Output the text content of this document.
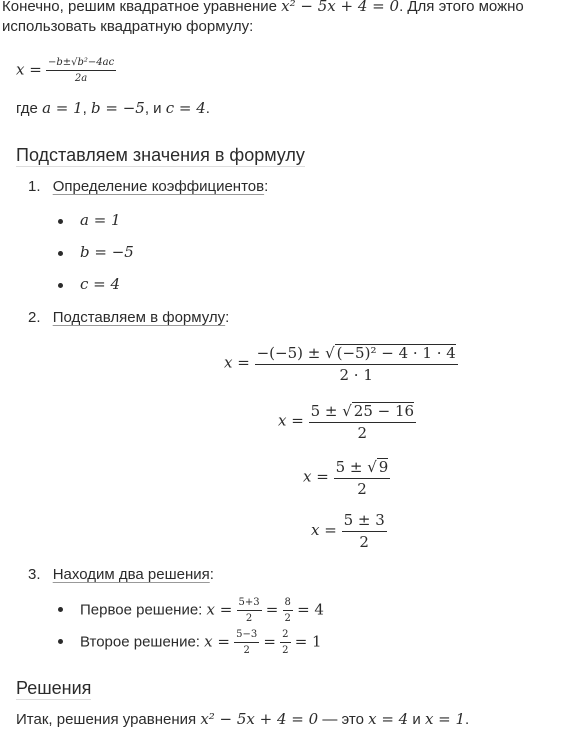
Конечно, решим квадратное уравнение x² − 5x + 4 = 0. Для этого можно
использовать квадратную формулу:
$x = \frac{\text{−b±√b²−4ac}}{2a}$
где a = 1, b = −5, и c = 4.
Подставляем значения в формулу
1. Определение коэффициентов:
a = 1
b = −5
c = 4
2. Подставляем в формулу:
$x = \frac{\text{−(−5) ± √ (−5)² − 4 · 1 · 4}}{2 \cdot 1}$
$x = \frac{5 \pm √ 25 - 16}{2}$
$x = \frac{5 \pm √ 9}{2}$
$x = \frac{5 \pm 3}{2}$
3. Находим два решения:
Первое решение: $x = \frac{5+3}{2} = \frac{8}{2} = 4$
Второе решение: $x = \frac{5-3}{2} = \frac{2}{2} = 1$
Решения
Итак, решения уравнения x² − 5x + 4 = 0 — это x = 4 и x = 1.
